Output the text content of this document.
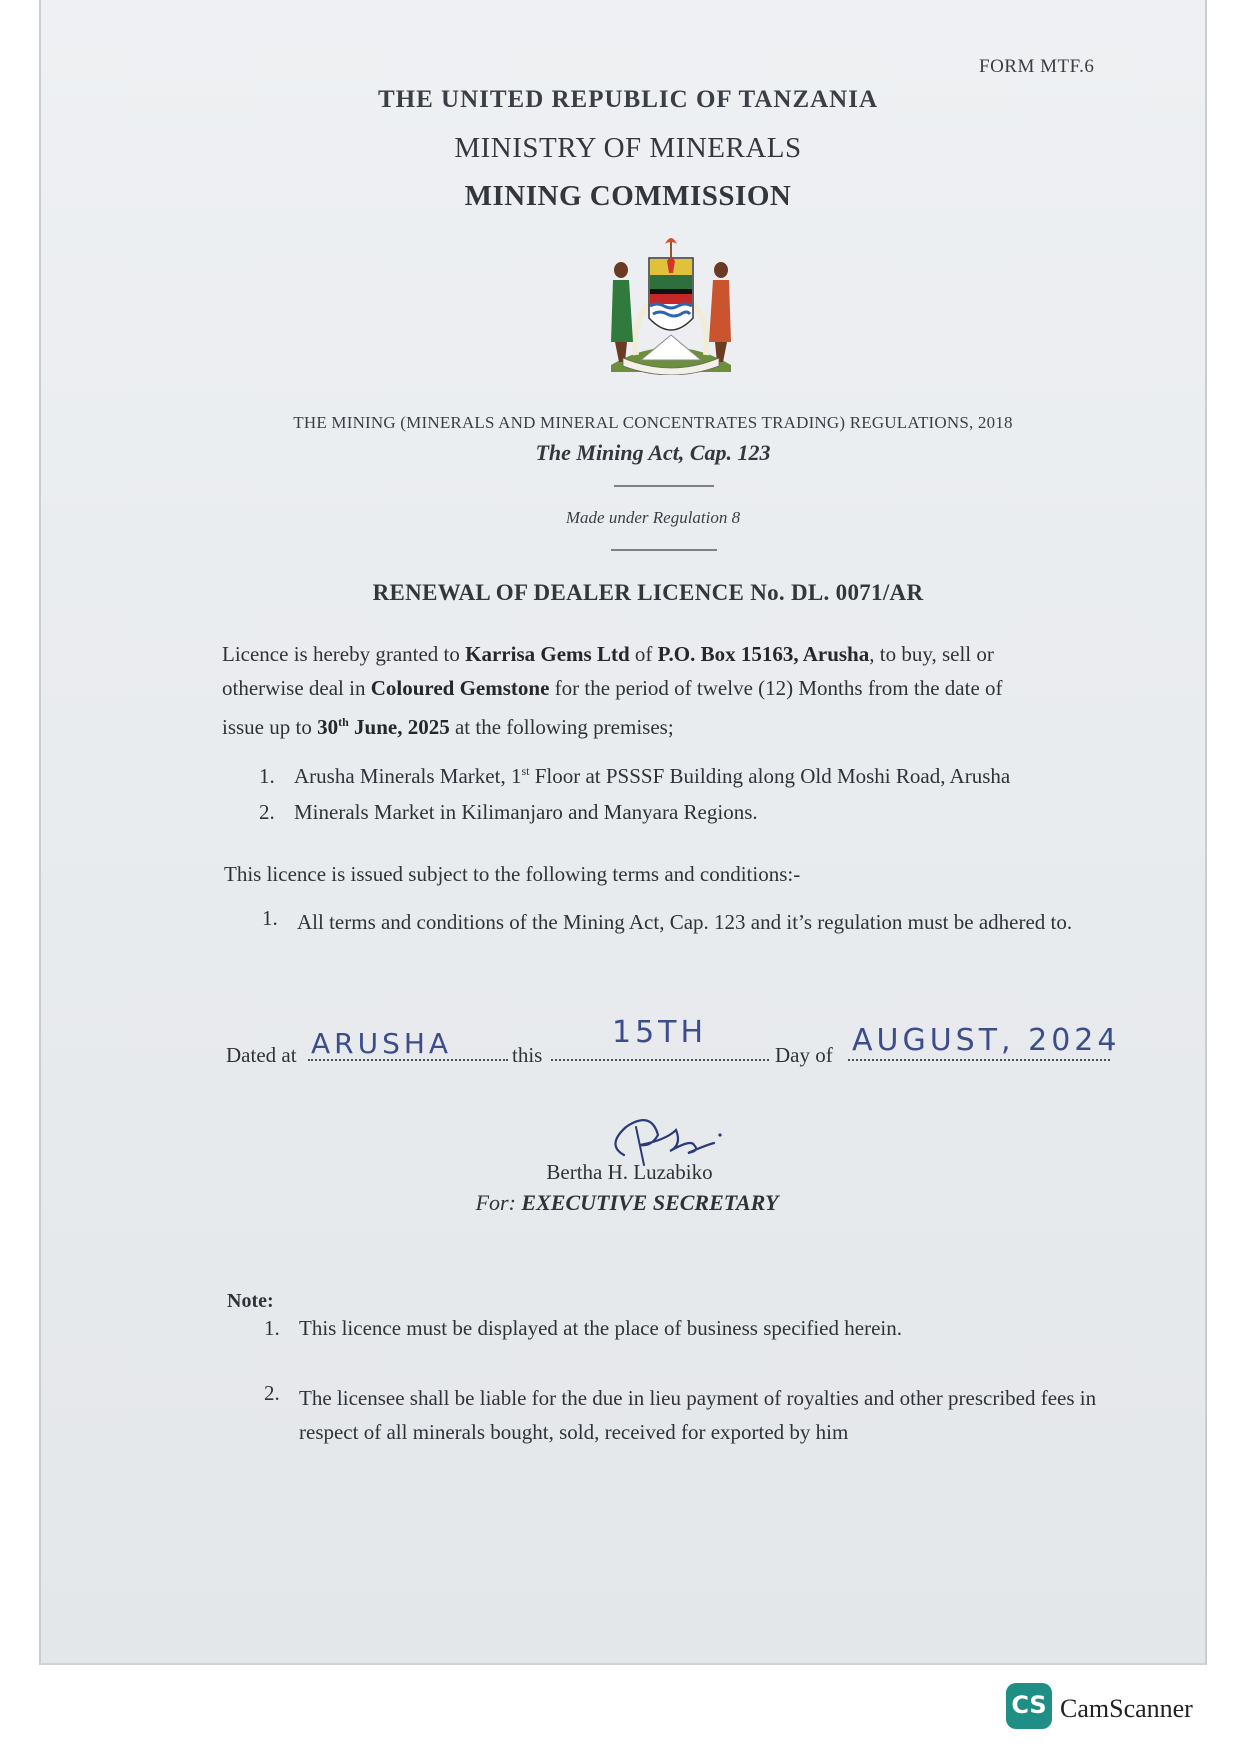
FORM MTF.6
THE UNITED REPUBLIC OF TANZANIA
MINISTRY OF MINERALS
MINING COMMISSION
THE MINING (MINERALS AND MINERAL CONCENTRATES TRADING) REGULATIONS, 2018
The Mining Act, Cap. 123
Made under Regulation 8
RENEWAL OF DEALER LICENCE No. DL. 0071/AR
Licence is hereby granted to Karrisa Gems Ltd of P.O. Box 15163, Arusha, to buy, sell or
otherwise deal in Coloured Gemstone for the period of twelve (12) Months from the date of
issue up to 30th June, 2025 at the following premises;
1. Arusha Minerals Market, 1st Floor at PSSSF Building along Old Moshi Road, Arusha
2. Minerals Market in Kilimanjaro and Manyara Regions.
This licence is issued subject to the following terms and conditions:-
1. All terms and conditions of the Mining Act, Cap. 123 and it’s regulation must be adhered to.
Dated at ARUSHA	this
15TH
Day of AUGUST, 2024
Bertha H. Luzabiko
For: EXECUTIVE SECRETARY
Note:
1. This licence must be displayed at the place of business specified herein.
2. The licensee shall be liable for the due in lieu payment of royalties and other prescribed fees in respect of all minerals bought, sold, received for exported by him
CS CamScanner
